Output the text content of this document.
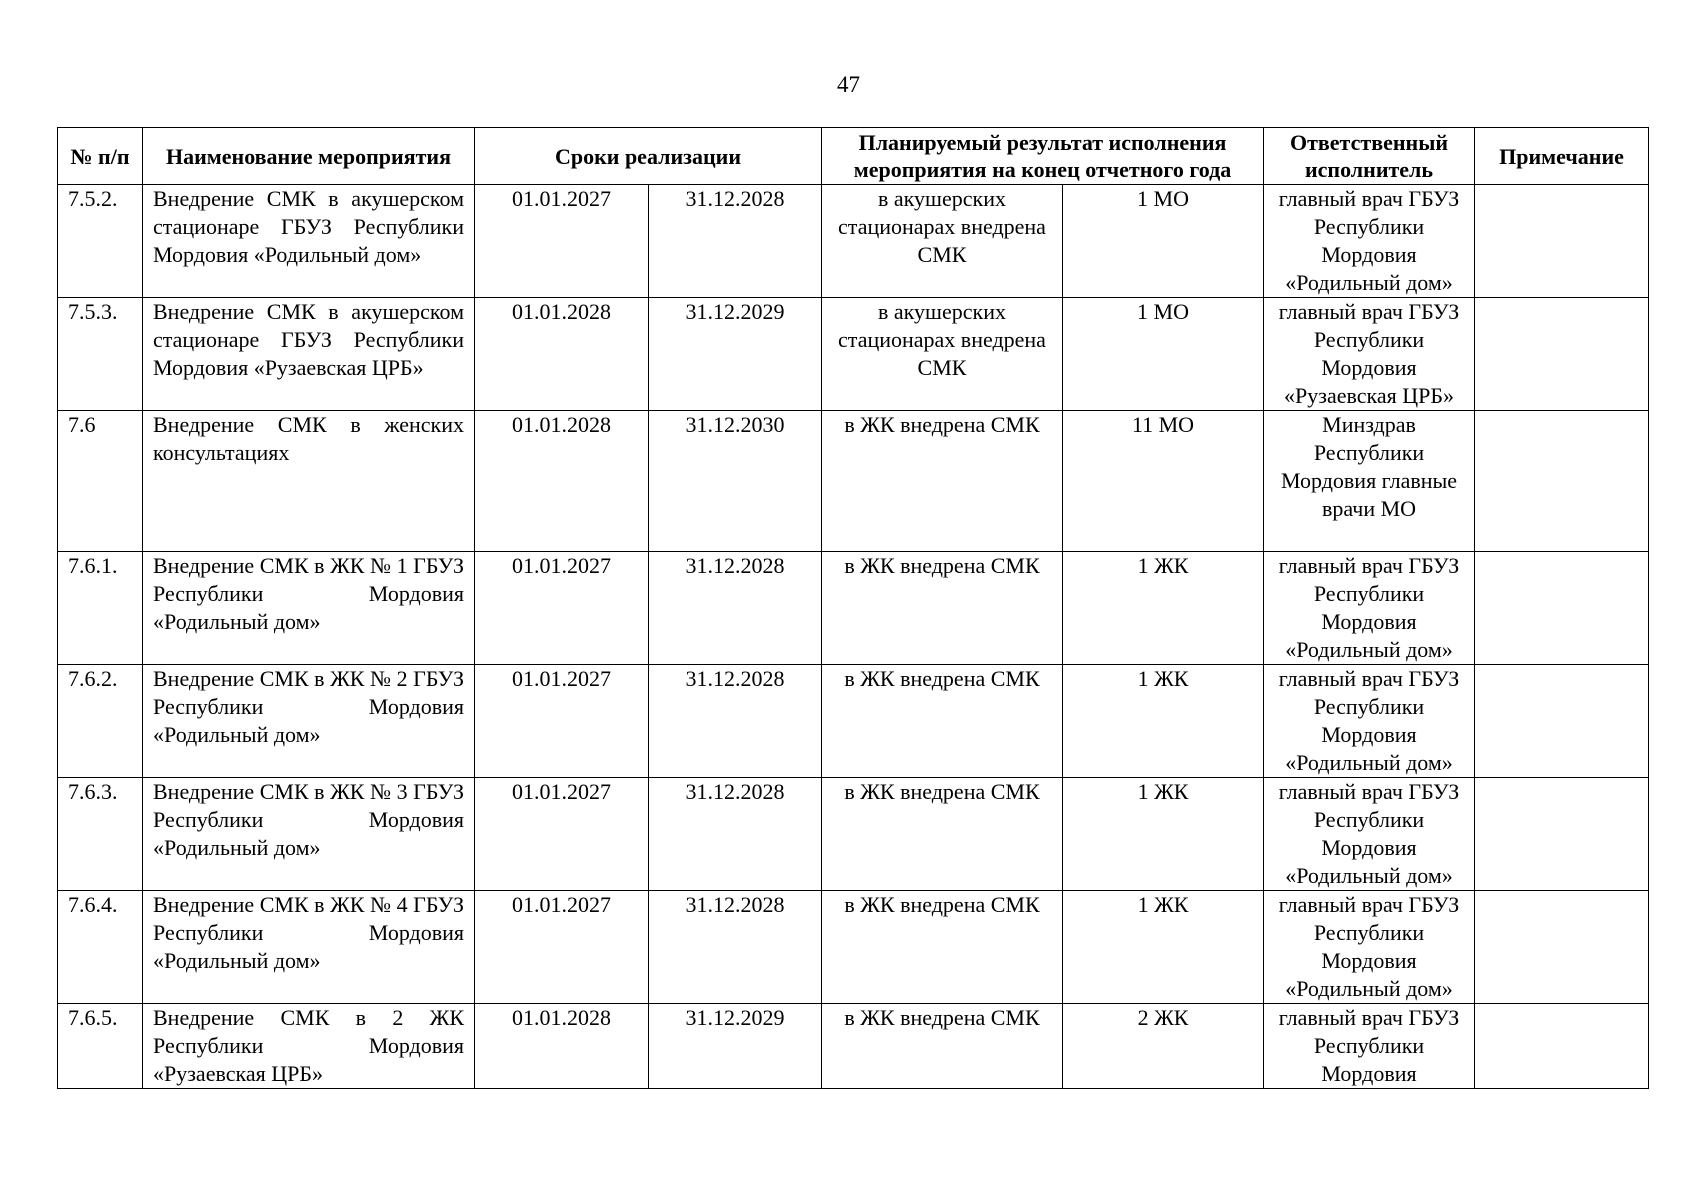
47
№ п/п	Наименование мероприятия	Сроки реализации		Планируемый результат исполнения мероприятия на конец отчетного года		Ответственный исполнитель	Примечание
7.5.2.	Внедрение СМК в акушерском стационаре ГБУЗ Республики Мордовия «Родильный дом»	01.01.2027	31.12.2028	в акушерских стационарах внедрена СМК	1 МО	главный врач ГБУЗ Республики Мордовия «Родильный дом»	
7.5.3.	Внедрение СМК в акушерском стационаре ГБУЗ Республики Мордовия «Рузаевская ЦРБ»	01.01.2028	31.12.2029	в акушерских стационарах внедрена СМК	1 МО	главный врач ГБУЗ Республики Мордовия «Рузаевская ЦРБ»	
7.6	Внедрение СМК в женских консультациях	01.01.2028	31.12.2030	в ЖК внедрена СМК	11 МО	Минздрав Республики Мордовия главные врачи МО	
7.6.1.	Внедрение СМК в ЖК № 1 ГБУЗ Республики Мордовия «Родильный дом»	01.01.2027	31.12.2028	в ЖК внедрена СМК	1 ЖК	главный врач ГБУЗ Республики Мордовия «Родильный дом»	
7.6.2.	Внедрение СМК в ЖК № 2 ГБУЗ Республики Мордовия «Родильный дом»	01.01.2027	31.12.2028	в ЖК внедрена СМК	1 ЖК	главный врач ГБУЗ Республики Мордовия «Родильный дом»	
7.6.3.	Внедрение СМК в ЖК № 3 ГБУЗ Республики Мордовия «Родильный дом»	01.01.2027	31.12.2028	в ЖК внедрена СМК	1 ЖК	главный врач ГБУЗ Республики Мордовия «Родильный дом»	
7.6.4.	Внедрение СМК в ЖК № 4 ГБУЗ Республики Мордовия «Родильный дом»	01.01.2027	31.12.2028	в ЖК внедрена СМК	1 ЖК	главный врач ГБУЗ Республики Мордовия «Родильный дом»	
7.6.5.	Внедрение СМК в 2 ЖК Республики Мордовия «Рузаевская ЦРБ»	01.01.2028	31.12.2029	в ЖК внедрена СМК	2 ЖК	главный врач ГБУЗ Республики Мордовия	
